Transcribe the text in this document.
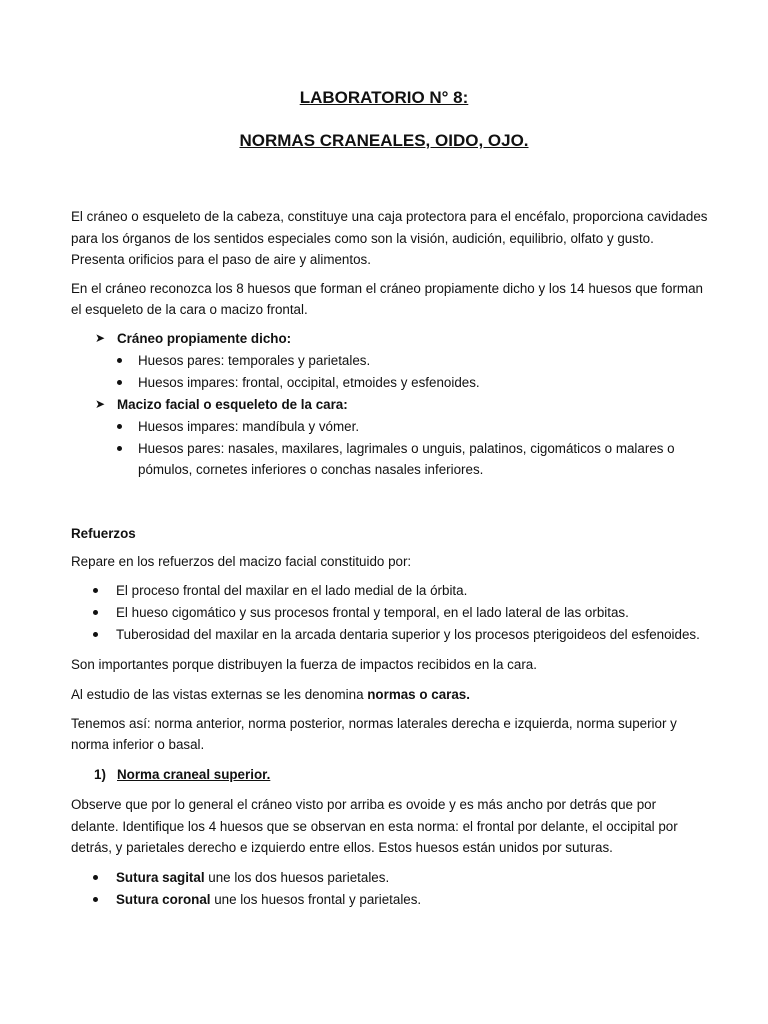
LABORATORIO N° 8:
NORMAS CRANEALES, OIDO, OJO.
El cráneo o esqueleto de la cabeza, constituye una caja protectora para el encéfalo, proporciona cavidades
para los órganos de los sentidos especiales como son la visión, audición, equilibrio, olfato y gusto.
Presenta orificios para el paso de aire y alimentos.
En el cráneo reconozca los 8 huesos que forman el cráneo propiamente dicho y los 14 huesos que forman
el esqueleto de la cara o macizo frontal.
➤ Cráneo propiamente dicho:
Huesos pares: temporales y parietales.
Huesos impares: frontal, occipital, etmoides y esfenoides.
➤ Macizo facial o esqueleto de la cara:
Huesos impares: mandíbula y vómer.
Huesos pares: nasales, maxilares, lagrimales o unguis, palatinos, cigomáticos o malares o
pómulos, cornetes inferiores o conchas nasales inferiores.
Refuerzos
Repare en los refuerzos del macizo facial constituido por:
El proceso frontal del maxilar en el lado medial de la órbita.
El hueso cigomático y sus procesos frontal y temporal, en el lado lateral de las orbitas.
Tuberosidad del maxilar en la arcada dentaria superior y los procesos pterigoideos del esfenoides.
Son importantes porque distribuyen la fuerza de impactos recibidos en la cara.
Al estudio de las vistas externas se les denomina normas o caras.
Tenemos así: norma anterior, norma posterior, normas laterales derecha e izquierda, norma superior y
norma inferior o basal.
1) Norma craneal superior.
Observe que por lo general el cráneo visto por arriba es ovoide y es más ancho por detrás que por
delante. Identifique los 4 huesos que se observan en esta norma: el frontal por delante, el occipital por
detrás, y parietales derecho e izquierdo entre ellos. Estos huesos están unidos por suturas.
Sutura sagital une los dos huesos parietales.
Sutura coronal une los huesos frontal y parietales.
